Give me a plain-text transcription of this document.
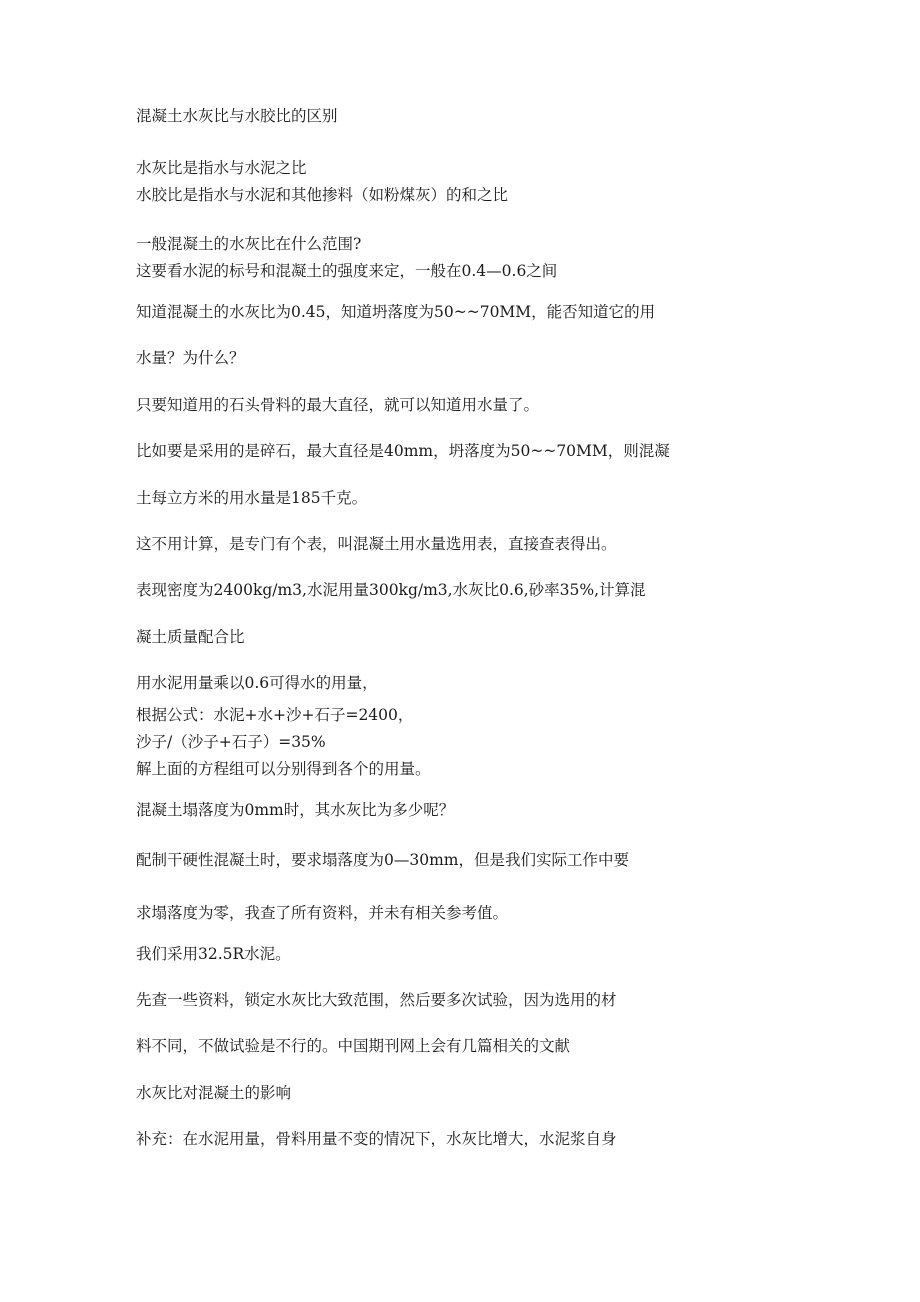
混凝土水灰比与水胶比的区别

水灰比是指水与水泥之比

水胶比是指水与水泥和其他掺料（如粉煤灰）的和之比

一般混凝土的水灰比在什么范围?

这要看水泥的标号和混凝土的强度来定，一般在0.4—0.6之间

知道混凝土的水灰比为0.45，知道坍落度为50~~70MM，能否知道它的用

水量？为什么？

只要知道用的石头骨料的最大直径，就可以知道用水量了。

比如要是采用的是碎石，最大直径是40mm，坍落度为50~~70MM，则混凝

土每立方米的用水量是185千克。

这不用计算，是专门有个表，叫混凝土用水量选用表，直接查表得出。

表现密度为2400kg/m3,水泥用量300kg/m3,水灰比0.6,砂率35%,计算混

凝土质量配合比

用水泥用量乘以0.6可得水的用量，

根据公式：水泥+水+沙+石子=2400，

沙子/（沙子+石子）=35%

解上面的方程组可以分别得到各个的用量。

混凝土塌落度为0mm时，其水灰比为多少呢？

配制干硬性混凝土时，要求塌落度为0—30mm，但是我们实际工作中要

求塌落度为零，我查了所有资料，并未有相关参考值。

我们采用32.5R水泥。

先查一些资料，锁定水灰比大致范围，然后要多次试验，因为选用的材

料不同，不做试验是不行的。中国期刊网上会有几篇相关的文献

水灰比对混凝土的影响

补充：在水泥用量，骨料用量不变的情况下，水灰比增大，水泥浆自身
